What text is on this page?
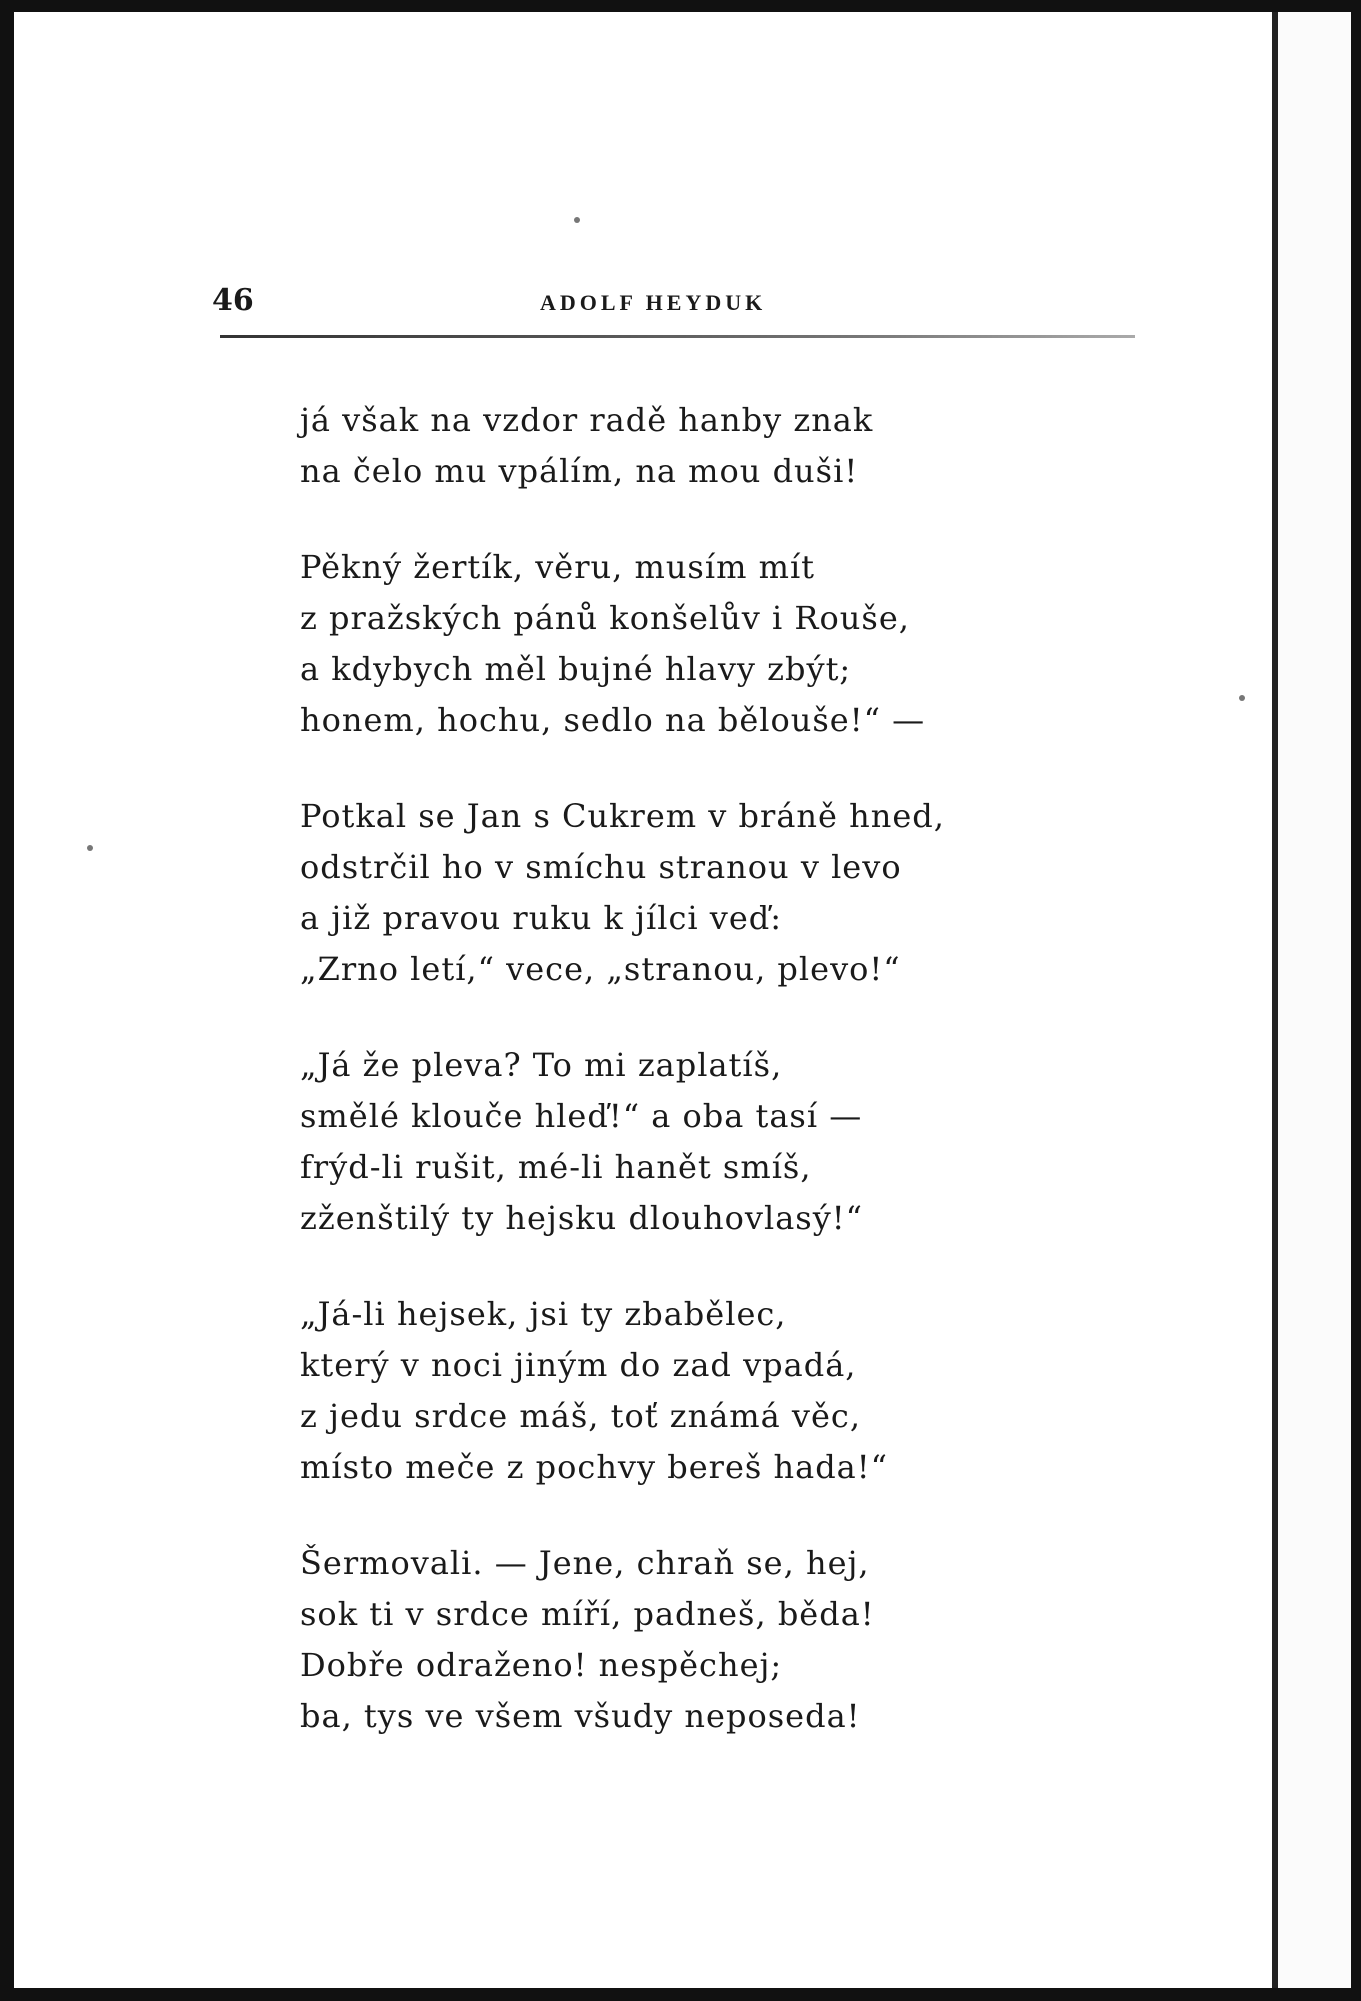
46	ADOLF HEYDUK
já však na vzdor radě hanby znak
na čelo mu vpálím, na mou duši!
Pěkný žertík, věru, musím mít
z pražských pánů konšelův i Rouše,
a kdybych měl bujné hlavy zbýt;
honem, hochu, sedlo na bělouše!“ —
Potkal se Jan s Cukrem v bráně hned,
odstrčil ho v smíchu stranou v levo
a již pravou ruku k jílci veď:
„Zrno letí,“ vece, „stranou, plevo!“
„Já že pleva? To mi zaplatíš,
smělé klouče hleď!“ a oba tasí —
frýd-li rušit, mé-li hanět smíš,
zženštilý ty hejsku dlouhovlasý!“
„Já-li hejsek, jsi ty zbabělec,
který v noci jiným do zad vpadá,
z jedu srdce máš, toť známá věc,
místo meče z pochvy bereš hada!“
Šermovali. — Jene, chraň se, hej,
sok ti v srdce míří, padneš, běda!
Dobře odraženo! nespěchej;
ba, tys ve všem všudy neposeda!
